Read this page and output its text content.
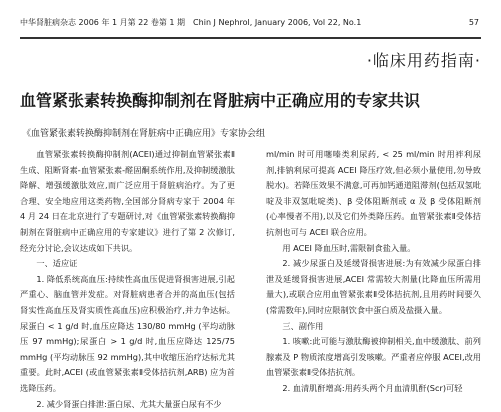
中华肾脏病杂志 2006 年 1 月第 22 卷第 1 期　Chin J Nephrol, January 2006, Vol 22, No.1	57
·临床用药指南·
血管紧张素转换酶抑制剂在肾脏病中正确应用的专家共识
《血管紧张素转换酶抑制剂在肾脏病中正确应用》专家协会组

血管紧张素转换酶抑制剂(ACEI)通过抑制血管紧张素Ⅱ生成、阻断肾素-血管紧张素-醛固酮系统作用,及抑制缓激肽降解、增强缓激肽效应,而广泛应用于肾脏病治疗。为了更合理、安全地应用这类药物,全国部分肾病专家于 2004 年 4 月 24 日在北京进行了专题研讨,对《血管紧张素转换酶抑制剂在肾脏病中正确应用的专家建议》进行了第 2 次修订,经充分讨论,会议达成如下共识。

一、适应证

1. 降低系统高血压:持续性高血压促进肾损害进展,引起严重心、脑血管并发症。对肾脏病患者合并的高血压(包括肾实性高血压及肾实质性高血压)应积极治疗,并力争达标。尿蛋白 < 1 g/d 时,血压应降达 130/80 mmHg (平均动脉压 97 mmHg);尿蛋白 > 1 g/d 时,血压应降达 125/75 mmHg (平均动脉压 92 mmHg),其中收缩压治疗达标尤其重要。此时,ACEI (或血管紧张素Ⅱ受体拮抗剂,ARB) 应为首选降压药。

2. 减少肾蛋白排泄:蛋白尿、尤其大量蛋白尿有不少

ml/min 时可用噻嗪类利尿药, < 25 ml/min 时用袢利尿剂,排钠利尿可提高 ACEI 降压疗效,但必须小量使用,勿导致脱水)。若降压效果不满意,可再加钙通道阻滞剂(包括双氢吡啶及非双氢吡啶类)、β 受体阻断剂或 α 及 β 受体阻断剂(心率慢者不用),以及它们外类降压药。血管紧张素Ⅱ受体拮抗剂也可与 ACEI 联合应用。

用 ACEI 降血压时,需限制食盐入量。

2. 减少尿蛋白及延缓肾损害进展:为有效减少尿蛋白排泄及延缓肾损害进展,ACEI 常需较大剂量(比降血压所需用量大),或联合应用血管紧张素Ⅱ受体拮抗剂,且用药时间要久(常需数年),同时应限制饮食中蛋白质及盐摄入量。

三、副作用

1. 咳嗽:此可能与激肽酶被抑制相关,血中缓激肽、前列腺素及 P 物质浓度增高引发咳嗽。严重者应停服 ACEI,改用血管紧张素Ⅱ受体拮抗剂。

2. 血清肌酐增高:用药头两个月血清肌酐(Scr)可轻
